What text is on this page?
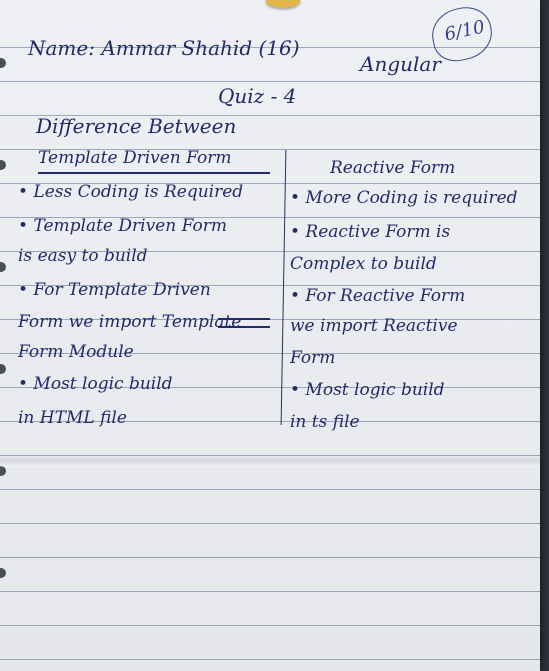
6/10
Name: Ammar Shahid (16)
Angular
Quiz - 4
Difference Between
Template Driven Form	Reactive Form
• Less Coding is Required
• Template Driven Form
is easy to build
• For Template Driven
Form we import Template
Form Module
• Most logic build
in HTML file
• More Coding is required
• Reactive Form is
Complex to build
• For Reactive Form
we import Reactive
Form
• Most logic build
in ts file
